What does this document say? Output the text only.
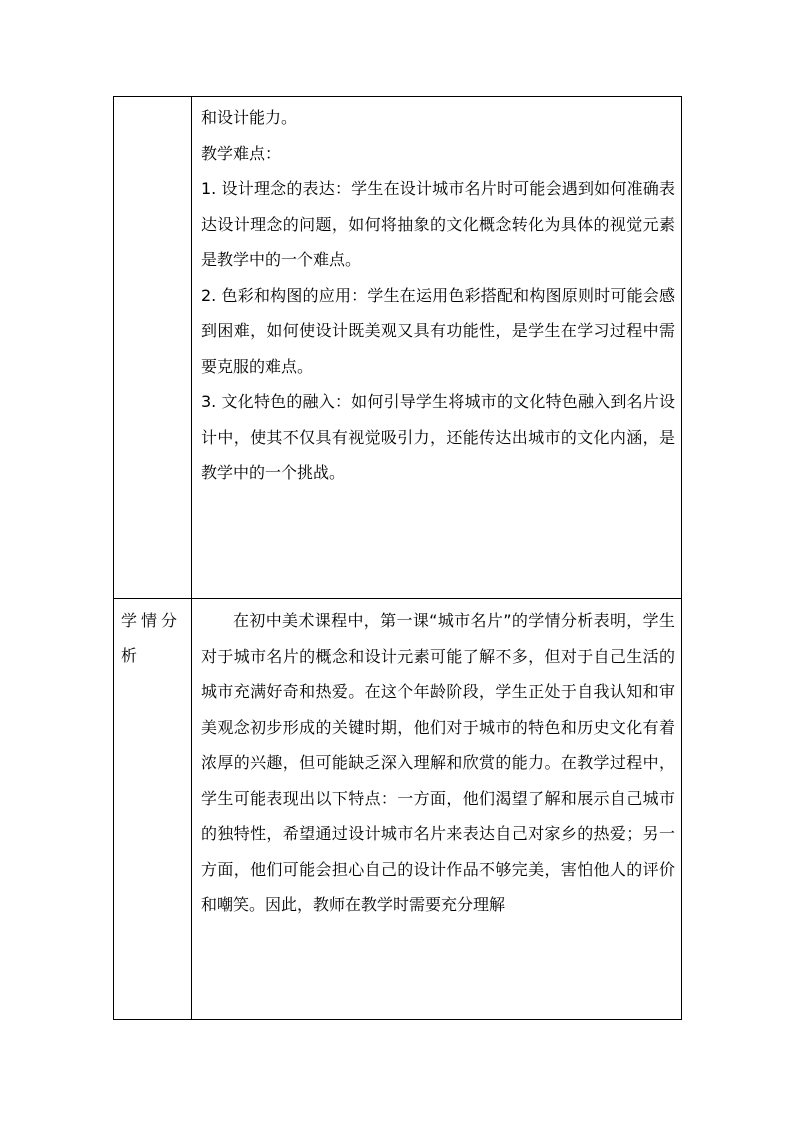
	和设计能力。

教学难点：

1. 设计理念的表达：学生在设计城市名片时可能会遇到如何准确表达设计理念的问题，如何将抽象的文化概念转化为具体的视觉元素是教学中的一个难点。

2. 色彩和构图的应用：学生在运用色彩搭配和构图原则时可能会感到困难，如何使设计既美观又具有功能性，是学生在学习过程中需要克服的难点。

3. 文化特色的融入：如何引导学生将城市的文化特色融入到名片设计中，使其不仅具有视觉吸引力，还能传达出城市的文化内涵，是教学中的一个挑战。

学情分析	在初中美术课程中，第一课“城市名片”的学情分析表明，学生对于城市名片的概念和设计元素可能了解不多，但对于自己生活的城市充满好奇和热爱。在这个年龄阶段，学生正处于自我认知和审美观念初步形成的关键时期，他们对于城市的特色和历史文化有着浓厚的兴趣，但可能缺乏深入理解和欣赏的能力。在教学过程中，学生可能表现出以下特点：一方面，他们渴望了解和展示自己城市的独特性，希望通过设计城市名片来表达自己对家乡的热爱；另一方面，他们可能会担心自己的设计作品不够完美，害怕他人的评价和嘲笑。因此，教师在教学时需要充分理解
